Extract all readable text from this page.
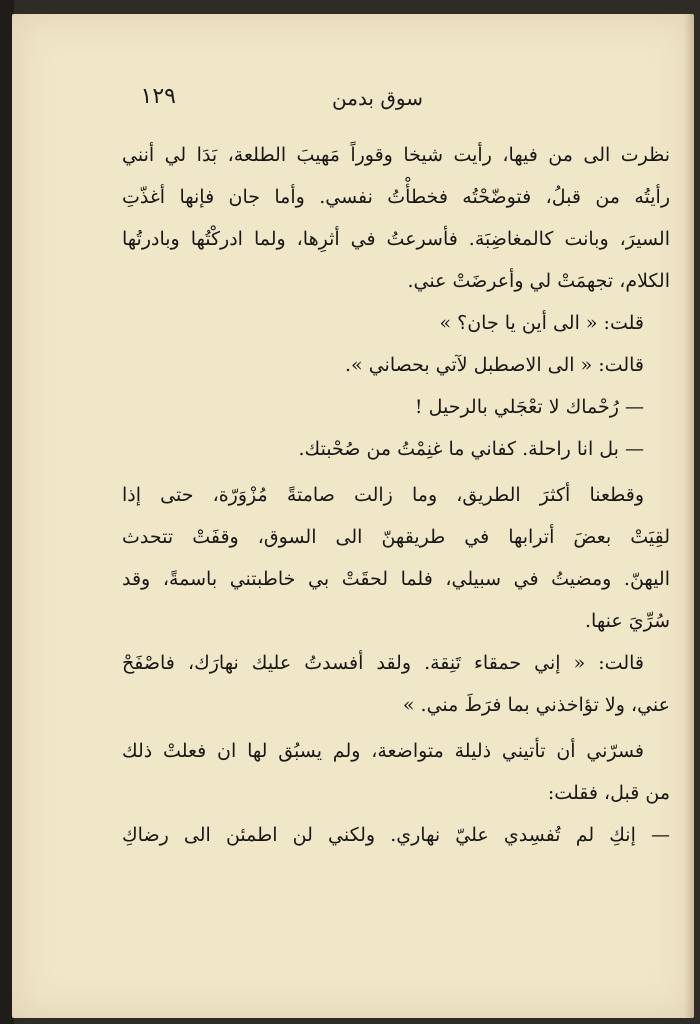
١٢٩	سوق بدمن

نظرت الى من فيها، رأيت شيخا وقوراً مَهيبَ الطلعة، بَدَا لي أنني
رأيتُه من قبلُ، فتوضّحْتُه فخطأْتُ نفسي. وأما جان فإنها أغذّتِ
السيرَ، وبانت كالمغاضِبَة. فأسرعتُ في أثرِها، ولما ادركْتُها وبادرتُها
الكلام، تجهمَتْ لي وأعرضَتْ عني.

قلت: « الى أين يا جان؟ »

قالت: « الى الاصطبل لآتي بحصاني ».

— رُحْماك لا تعْجَلي بالرحيل !

— بل انا راحلة. كفاني ما غنِمْتُ من صُحْبتك.

وقطعنا أكثرَ الطريق، وما زالت صامتةً مُزْوَرّة، حتى إذا
لقِيَتْ بعضَ أترابها في طريقهنّ الى السوق، وقفَتْ تتحدث
اليهنّ. ومضيتُ في سبيلي، فلما لحقَتْ بي خاطبتني باسمةً، وقد
سُرِّيَ عنها.

قالت: « إني حمقاء تَنِقة. ولقد أفسدتُ عليك نهارَك، فاصْفَحْ
عني، ولا تؤاخذني بما فرَطَ مني. »

فسرّني أن تأتيني ذليلة متواضعة، ولم يسبُق لها ان فعلتْ ذلك
من قبل، فقلت:

— إنكِ لم تُفسِدي عليّ نهاري. ولكني لن اطمئن الى رضاكِ
